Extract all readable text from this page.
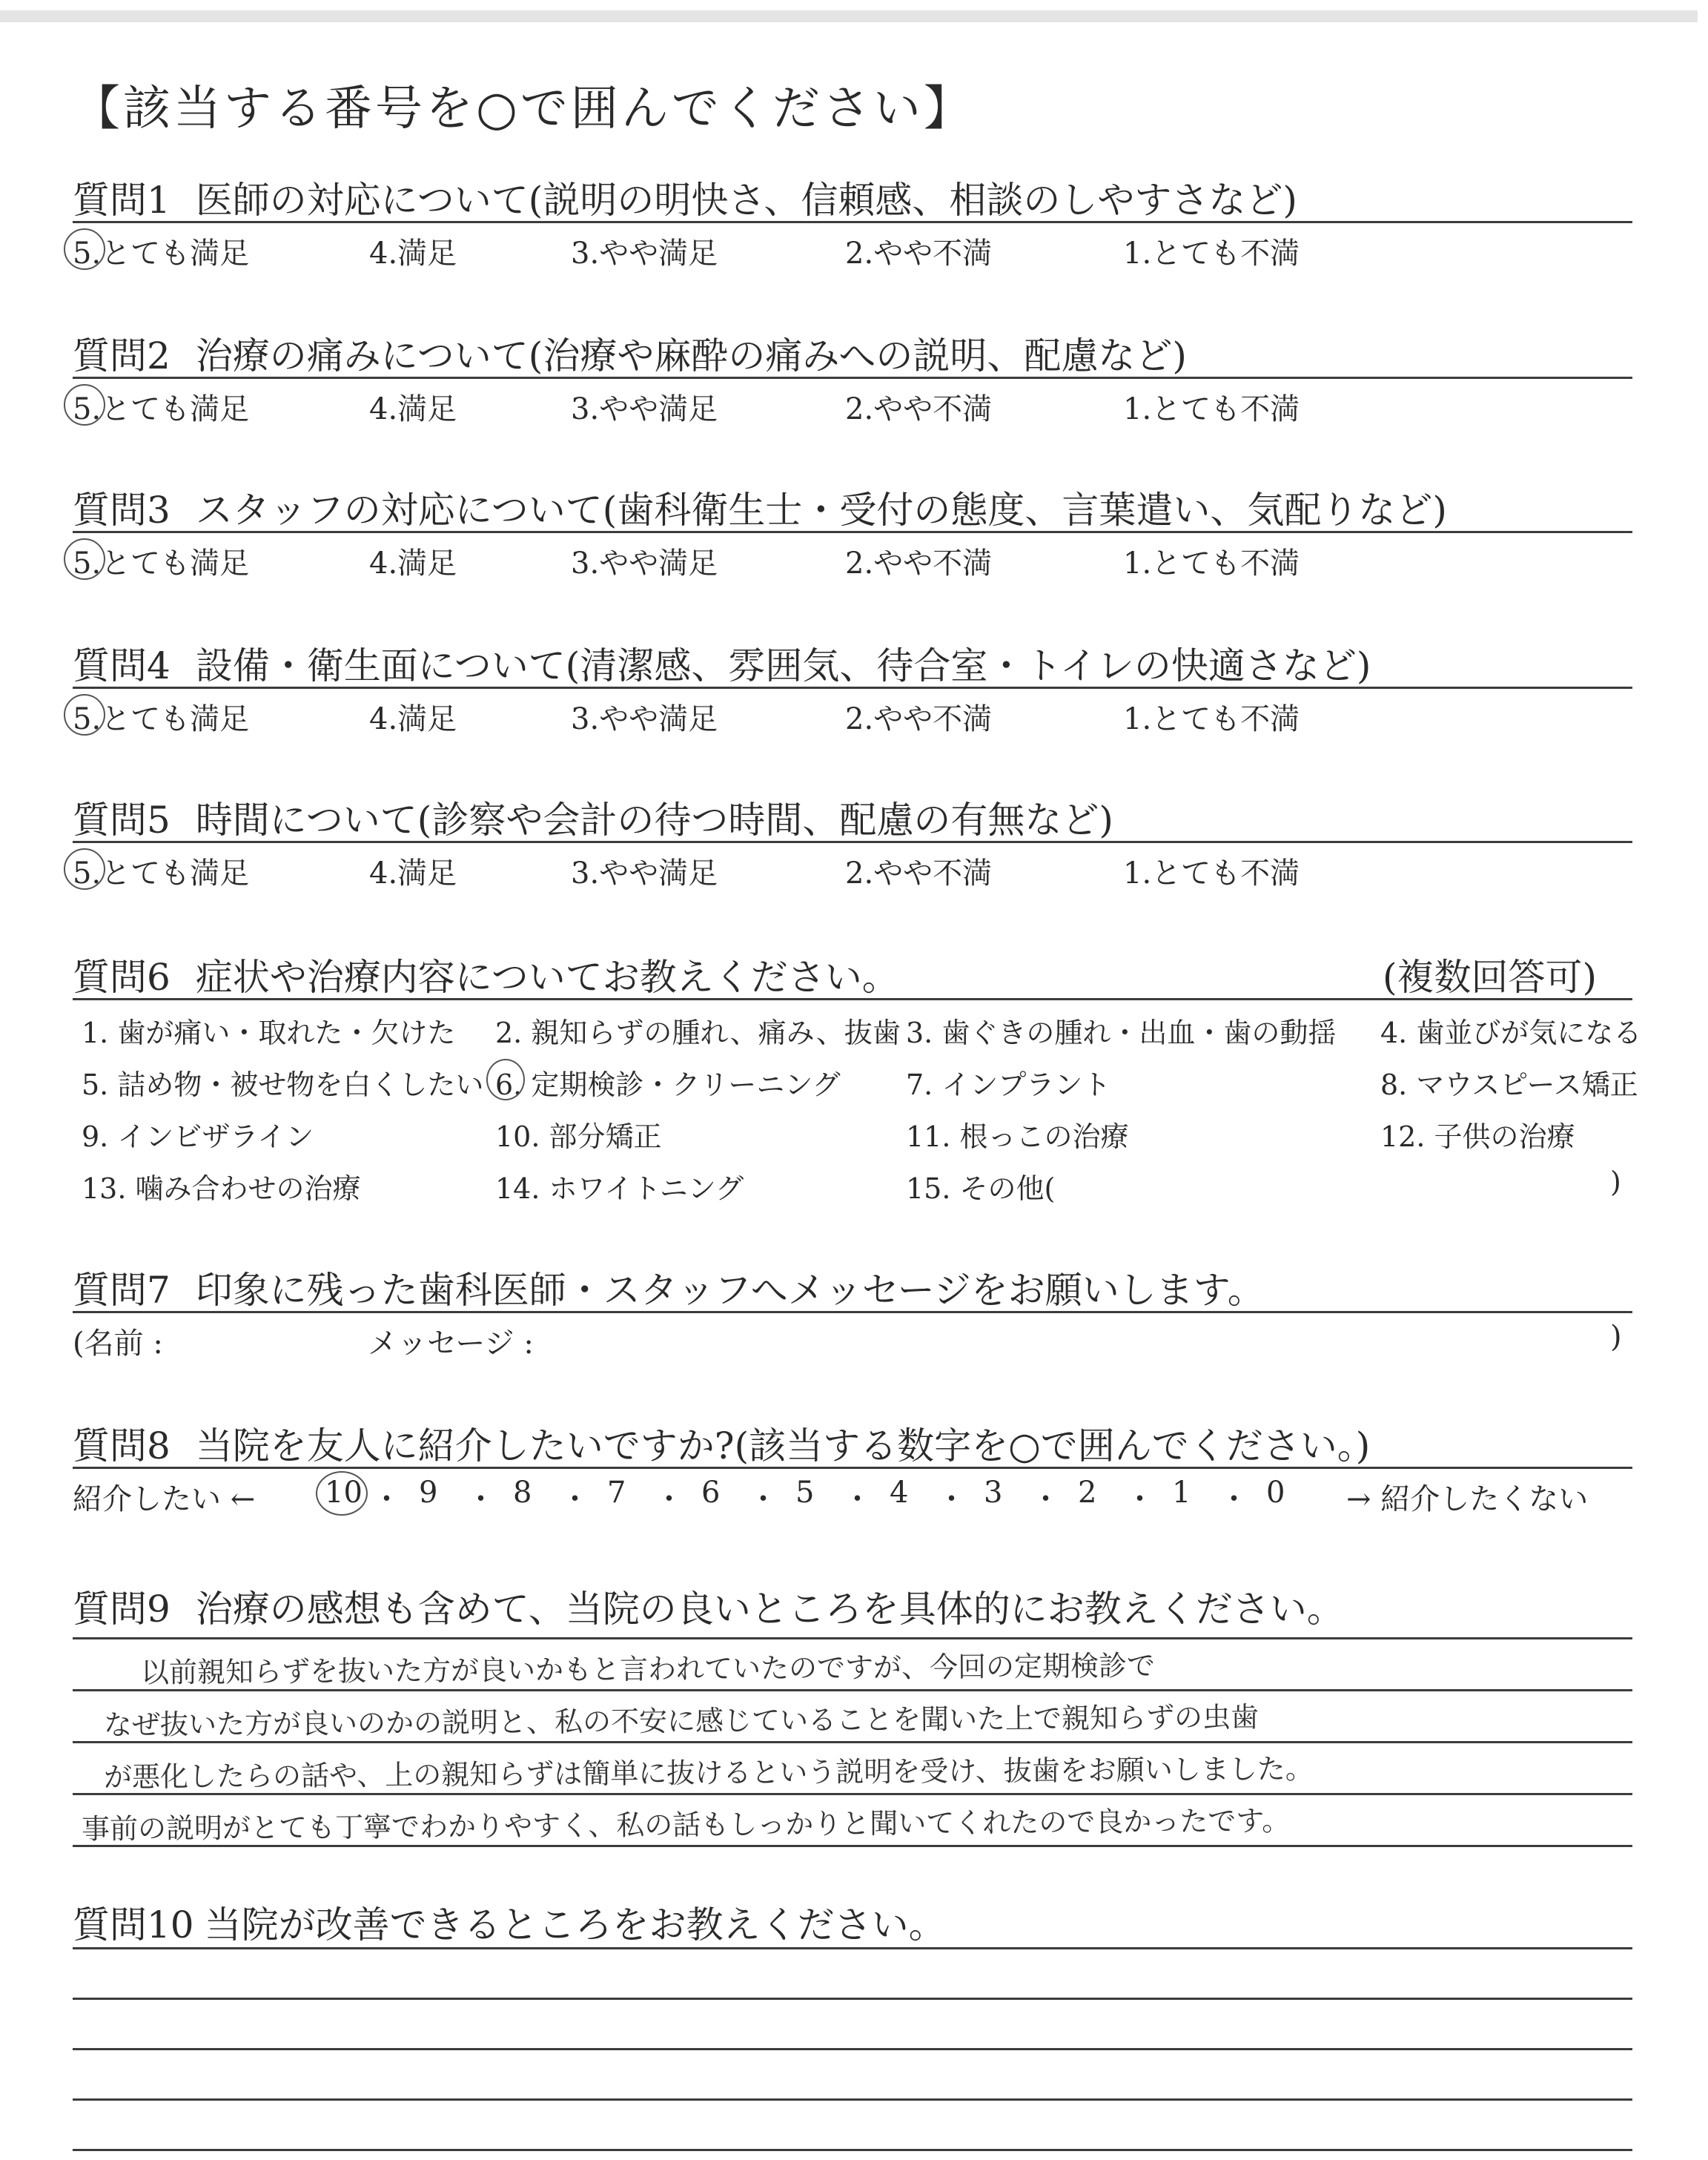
【該当する番号を○で囲んでください】
質問1 医師の対応について(説明の明快さ、信頼感、相談のしやすさなど)
5.とても満足	4.満足	3.やや満足	2.やや不満	1.とても不満
質問2 治療の痛みについて(治療や麻酔の痛みへの説明、配慮など)
5.とても満足	4.満足	3.やや満足	2.やや不満	1.とても不満
質問3 スタッフの対応について(歯科衛生士・受付の態度、言葉遣い、気配りなど)
5.とても満足	4.満足	3.やや満足	2.やや不満	1.とても不満
質問4 設備・衛生面について(清潔感、雰囲気、待合室・トイレの快適さなど)
5.とても満足	4.満足	3.やや満足	2.やや不満	1.とても不満
質問5 時間について(診察や会計の待つ時間、配慮の有無など)
5.とても満足	4.満足	3.やや満足	2.やや不満	1.とても不満
質問6 症状や治療内容についてお教えください。	(複数回答可)
1. 歯が痛い・取れた・欠けた 2. 親知らずの腫れ、痛み、抜歯 3. 歯ぐきの腫れ・出血・歯の動揺 4. 歯並びが気になる
5. 詰め物・被せ物を白くしたい 6. 定期検診・クリーニング 7. インプラント	8. マウスピース矯正
9. インビザライン	10. 部分矯正	11. 根っこの治療	12. 子供の治療
13. 噛み合わせの治療	14. ホワイトニング	15. その他(	)
質問7 印象に残った歯科医師・スタッフへメッセージをお願いします。
(名前 :	メッセージ :	)
質問8 当院を友人に紹介したいですか?(該当する数字を○で囲んでください。)
紹介したい ← 10 ・ 9 ・ 8 ・ 7 ・ 6 ・ 5 ・ 4 ・ 3 ・ 2 ・ 1 ・ 0 → 紹介したくない
質問9 治療の感想も含めて、当院の良いところを具体的にお教えください。
以前親知らずを抜いた方が良いかもと言われていたのですが、今回の定期検診で
なぜ抜いた方が良いのかの説明と、私の不安に感じていることを聞いた上で親知らずの虫歯
が悪化したらの話や、上の親知らずは簡単に抜けるという説明を受け、抜歯をお願いしました。
事前の説明がとても丁寧でわかりやすく、私の話もしっかりと聞いてくれたので良かったです。
質問10 当院が改善できるところをお教えください。
